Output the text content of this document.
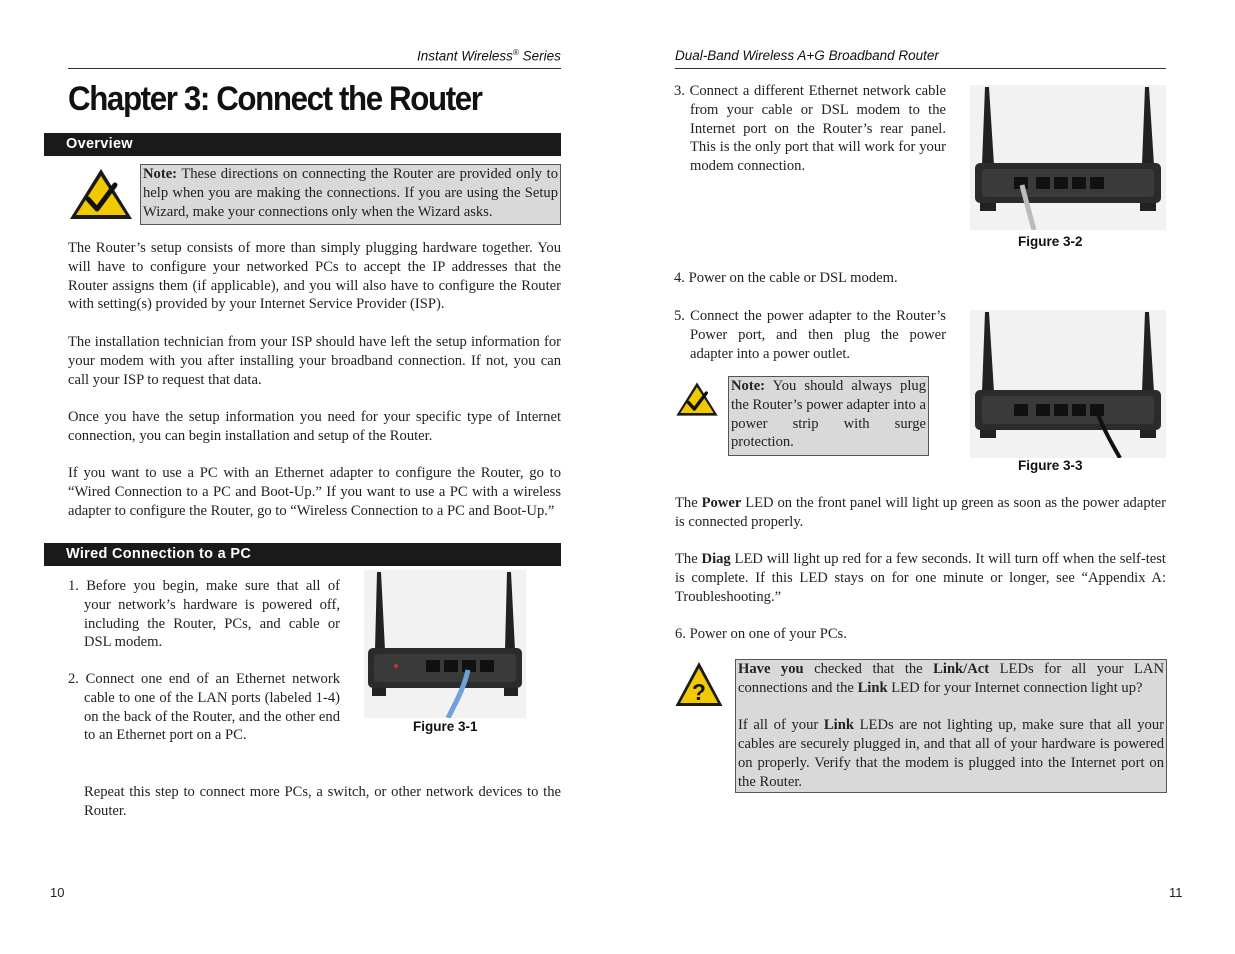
Instant Wireless® Series
Chapter 3: Connect the Router
Overview
Note: These directions on connecting the Router are provided only to help when you are making the connections. If you are using the Setup Wizard, make your connections only when the Wizard asks.
The Router’s setup consists of more than simply plugging hardware together. You will have to configure your networked PCs to accept the IP addresses that the Router assigns them (if applicable), and you will also have to configure the Router with setting(s) provided by your Internet Service Provider (ISP).
The installation technician from your ISP should have left the setup information for your modem with you after installing your broadband connection. If not, you can call your ISP to request that data.
Once you have the setup information you need for your specific type of Internet connection, you can begin installation and setup of the Router.
If you want to use a PC with an Ethernet adapter to configure the Router, go to “Wired Connection to a PC and Boot-Up.” If you want to use a PC with a wireless adapter to configure the Router, go to “Wireless Connection to a PC and Boot-Up.”
Wired Connection to a PC
1. Before you begin, make sure that all of your network’s hardware is powered off, including the Router, PCs, and cable or DSL modem.
2. Connect one end of an Ethernet network cable to one of the LAN ports (labeled 1-4) on the back of the Router, and the other end to an Ethernet port on a PC.
Repeat this step to connect more PCs, a switch, or other network devices to the Router.
Figure 3-1
10
Dual-Band Wireless A+G Broadband Router
3. Connect a different Ethernet network cable from your cable or DSL modem to the Internet port on the Router’s rear panel. This is the only port that will work for your modem connection.
Figure 3-2
4. Power on the cable or DSL modem.
5. Connect the power adapter to the Router’s Power port, and then plug the power adapter into a power outlet.
Note: You should always plug the Router’s power adapter into a power strip with surge protection.
Figure 3-3
The Power LED on the front panel will light up green as soon as the power adapter is connected properly.
The Diag LED will light up red for a few seconds. It will turn off when the self-test is complete. If this LED stays on for one minute or longer, see “Appendix A: Troubleshooting.”
6. Power on one of your PCs.
?
Have you checked that the Link/Act LEDs for all your LAN connections and the Link LED for your Internet connection light up?
If all of your Link LEDs are not lighting up, make sure that all your cables are securely plugged in, and that all of your hardware is powered on properly. Verify that the modem is plugged into the Internet port on the Router.
11
